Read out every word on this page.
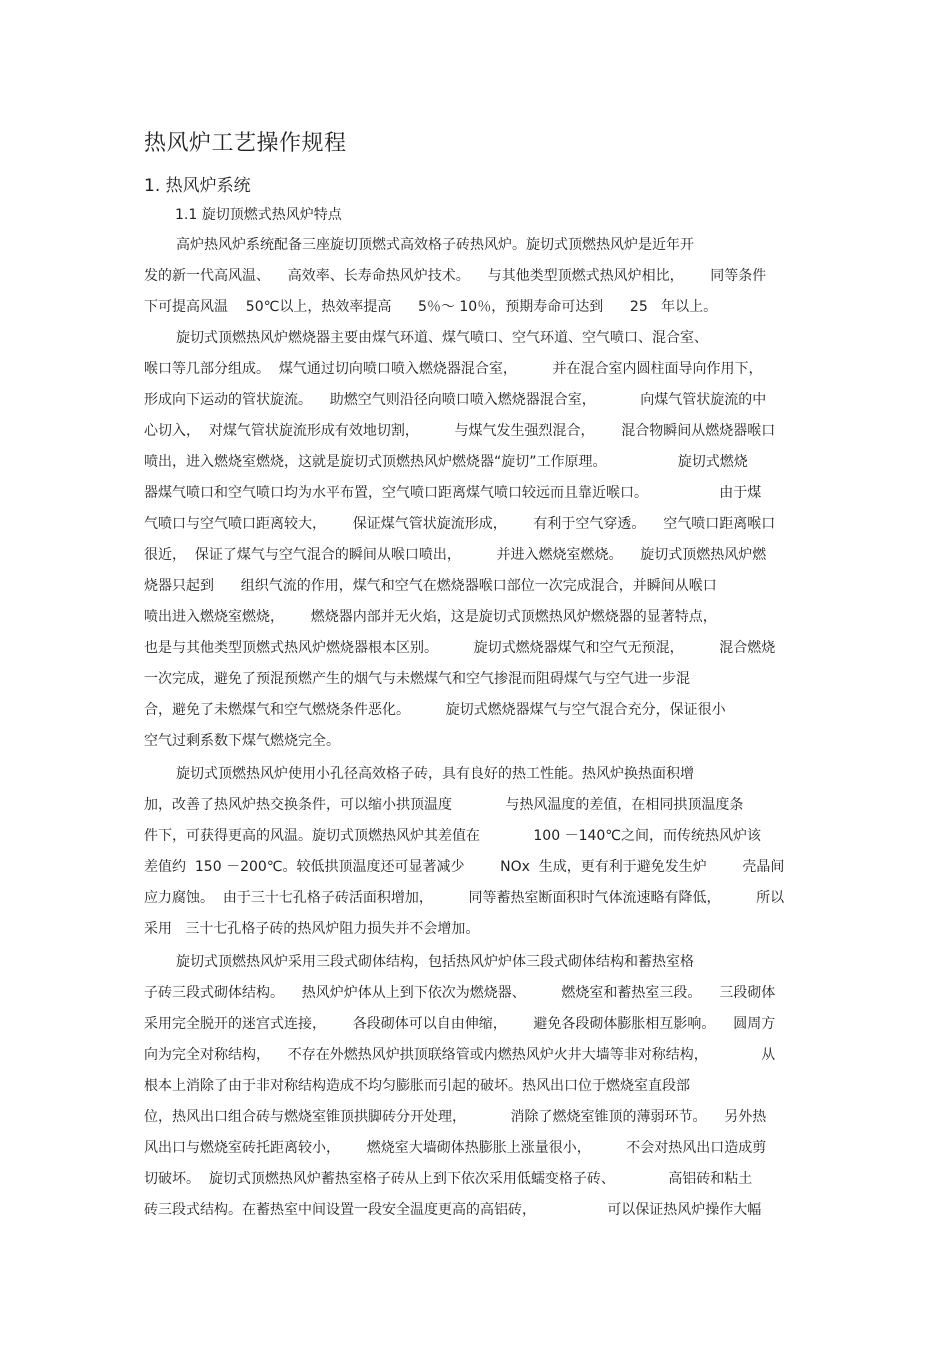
热风炉工艺操作规程
1. 热风炉系统
1.1 旋切顶燃式热风炉特点
高炉热风炉系统配备三座旋切顶燃式高效格子砖热风炉。旋切式顶燃热风炉是近年开
发的新一代高风温、    高效率、长寿命热风炉技术。    与其他类型顶燃式热风炉相比，      同等条件
下可提高风温    50℃以上，热效率提高      5％～ 10％，预期寿命可达到      25   年以上。
旋切式顶燃热风炉燃烧器主要由煤气环道、煤气喷口、空气环道、空气喷口、混合室、
喉口等几部分组成。  煤气通过切向喷口喷入燃烧器混合室，        并在混合室内圆柱面导向作用下，
形成向下运动的管状旋流。    助燃空气则沿径向喷口喷入燃烧器混合室，          向煤气管状旋流的中
心切入，  对煤气管状旋流形成有效地切割，        与煤气发生强烈混合，      混合物瞬间从燃烧器喉口
喷出，进入燃烧室燃烧，这就是旋切式顶燃热风炉燃烧器“旋切”工作原理。                旋切式燃烧
器煤气喷口和空气喷口均为水平布置，空气喷口距离煤气喷口较远而且靠近喉口。                由于煤
气喷口与空气喷口距离较大，      保证煤气管状旋流形成，      有利于空气穿透。    空气喷口距离喉口
很近，  保证了煤气与空气混合的瞬间从喉口喷出，        并进入燃烧室燃烧。    旋切式顶燃热风炉燃
烧器只起到      组织气流的作用，煤气和空气在燃烧器喉口部位一次完成混合，并瞬间从喉口
喷出进入燃烧室燃烧，      燃烧器内部并无火焰，这是旋切式顶燃热风炉燃烧器的显著特点，
也是与其他类型顶燃式热风炉燃烧器根本区别。        旋切式燃烧器煤气和空气无预混，        混合燃烧
一次完成，避免了预混预燃产生的烟气与未燃煤气和空气掺混而阻碍煤气与空气进一步混
合，避免了未燃煤气和空气燃烧条件恶化。        旋切式燃烧器煤气与空气混合充分，保证很小
空气过剩系数下煤气燃烧完全。
旋切式顶燃热风炉使用小孔径高效格子砖，具有良好的热工性能。热风炉换热面积增
加，改善了热风炉热交换条件，可以缩小拱顶温度            与热风温度的差值，在相同拱顶温度条
件下，可获得更高的风温。旋切式顶燃热风炉其差值在            100 －140℃之间，而传统热风炉该
差值约  150 －200℃。较低拱顶温度还可显著减少        NOx  生成，更有利于避免发生炉        壳晶间
应力腐蚀。  由于三十七孔格子砖活面积增加，        同等蓄热室断面积时气体流速略有降低，        所以
采用   三十七孔格子砖的热风炉阻力损失并不会增加。
旋切式顶燃热风炉采用三段式砌体结构，包括热风炉炉体三段式砌体结构和蓄热室格
子砖三段式砌体结构。    热风炉炉体从上到下依次为燃烧器、        燃烧室和蓄热室三段。    三段砌体
采用完全脱开的迷宫式连接，      各段砌体可以自由伸缩，      避免各段砌体膨胀相互影响。    圆周方
向为完全对称结构，    不存在外燃热风炉拱顶联络管或内燃热风炉火井大墙等非对称结构，            从
根本上消除了由于非对称结构造成不均匀膨胀而引起的破坏。热风出口位于燃烧室直段部
位，热风出口组合砖与燃烧室锥顶拱脚砖分开处理，          消除了燃烧室锥顶的薄弱环节。    另外热
风出口与燃烧室砖托距离较小，      燃烧室大墙砌体热膨胀上涨量很小，        不会对热风出口造成剪
切破坏。  旋切式顶燃热风炉蓄热室格子砖从上到下依次采用低蠕变格子砖、            高铝砖和粘土
砖三段式结构。在蓄热室中间设置一段安全温度更高的高铝砖，                可以保证热风炉操作大幅
